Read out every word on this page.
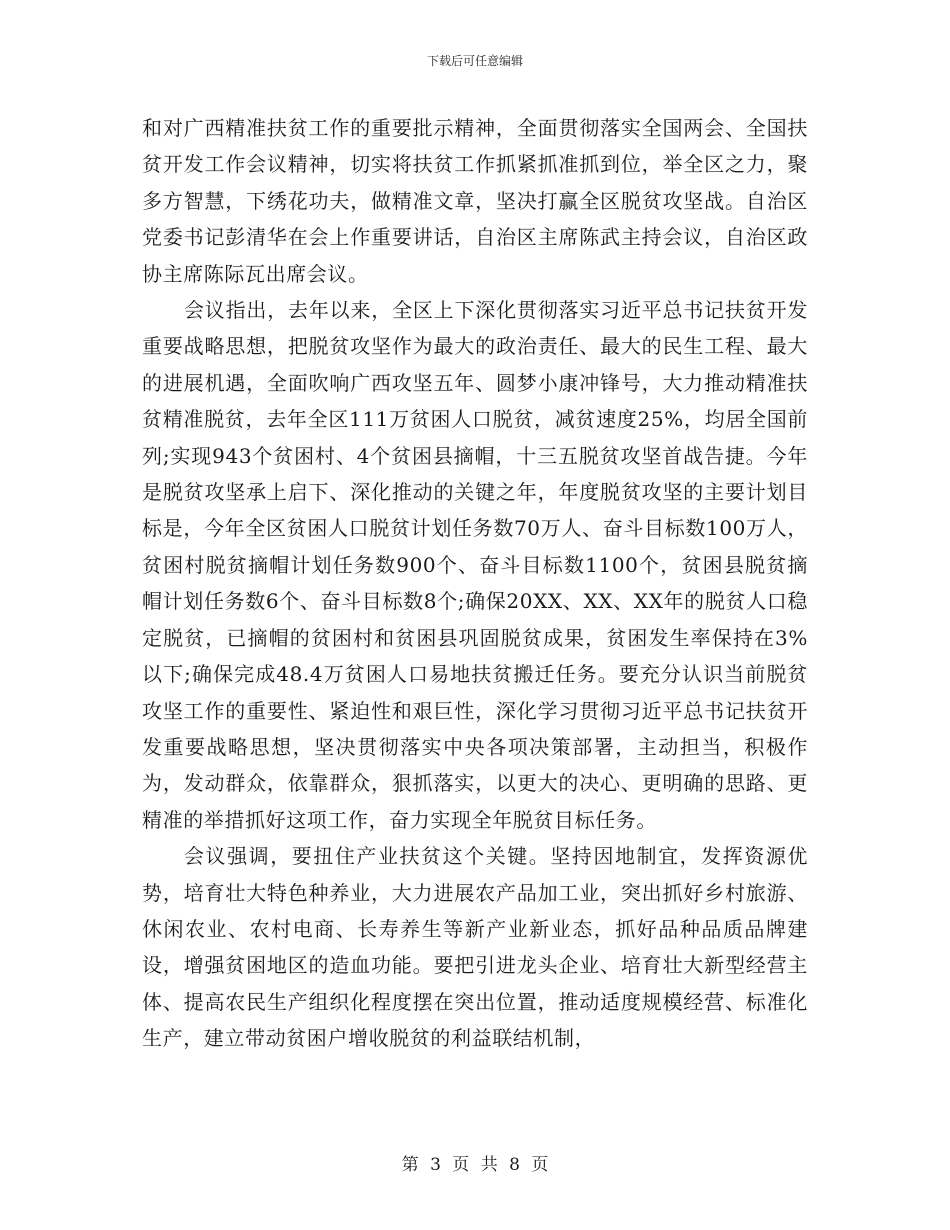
下载后可任意编辑

和对广西精准扶贫工作的重要批示精神，全面贯彻落实全国两会、全国扶贫开发工作会议精神，切实将扶贫工作抓紧抓准抓到位，举全区之力，聚多方智慧，下绣花功夫，做精准文章，坚决打赢全区脱贫攻坚战。自治区党委书记彭清华在会上作重要讲话，自治区主席陈武主持会议，自治区政协主席陈际瓦出席会议。

会议指出，去年以来，全区上下深化贯彻落实习近平总书记扶贫开发重要战略思想，把脱贫攻坚作为最大的政治责任、最大的民生工程、最大的进展机遇，全面吹响广西攻坚五年、圆梦小康冲锋号，大力推动精准扶贫精准脱贫，去年全区111万贫困人口脱贫，减贫速度25%，均居全国前列;实现943个贫困村、4个贫困县摘帽，十三五脱贫攻坚首战告捷。今年是脱贫攻坚承上启下、深化推动的关键之年，年度脱贫攻坚的主要计划目标是，今年全区贫困人口脱贫计划任务数70万人、奋斗目标数100万人，贫困村脱贫摘帽计划任务数900个、奋斗目标数1100个，贫困县脱贫摘帽计划任务数6个、奋斗目标数8个;确保20XX、XX、XX年的脱贫人口稳定脱贫，已摘帽的贫困村和贫困县巩固脱贫成果，贫困发生率保持在3%以下;确保完成48.4万贫困人口易地扶贫搬迁任务。要充分认识当前脱贫攻坚工作的重要性、紧迫性和艰巨性，深化学习贯彻习近平总书记扶贫开发重要战略思想，坚决贯彻落实中央各项决策部署，主动担当，积极作为，发动群众，依靠群众，狠抓落实，以更大的决心、更明确的思路、更精准的举措抓好这项工作，奋力实现全年脱贫目标任务。

会议强调，要扭住产业扶贫这个关键。坚持因地制宜，发挥资源优势，培育壮大特色种养业，大力进展农产品加工业，突出抓好乡村旅游、休闲农业、农村电商、长寿养生等新产业新业态，抓好品种品质品牌建设，增强贫困地区的造血功能。要把引进龙头企业、培育壮大新型经营主体、提高农民生产组织化程度摆在突出位置，推动适度规模经营、标准化生产，建立带动贫困户增收脱贫的利益联结机制，

第 3 页 共 8 页
